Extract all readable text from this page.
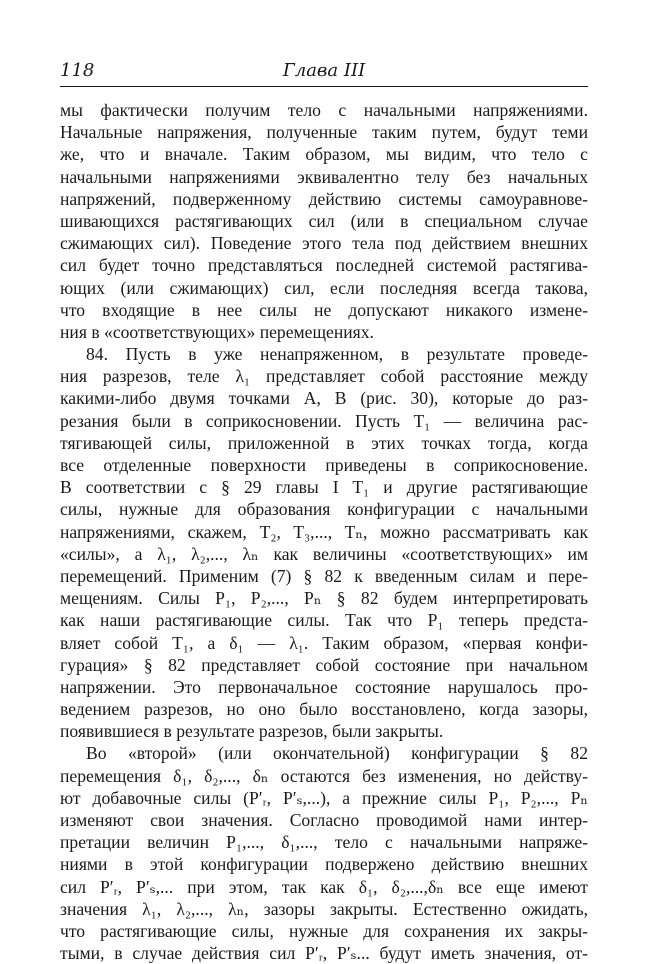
118	Глава III
мы фактически получим тело с начальными напряжениями.
Начальные напряжения, полученные таким путем, будут теми
же, что и вначале. Таким образом, мы видим, что тело с
начальными напряжениями эквивалентно телу без начальных
напряжений, подверженному действию системы самоуравнове-
шивающихся растягивающих сил (или в специальном случае
сжимающих сил). Поведение этого тела под действием внешних
сил будет точно представляться последней системой растягива-
ющих (или сжимающих) сил, если последняя всегда такова,
что входящие в нее силы не допускают никакого измене-
ния в «соответствующих» перемещениях.
84. Пусть в уже ненапряженном, в результате проведе-
ния разрезов, теле λ₁ представляет собой расстояние между
какими-либо двумя точками A, B (рис. 30), которые до раз-
резания были в соприкосновении. Пусть T₁ — величина рас-
тягивающей силы, приложенной в этих точках тогда, когда
все отделенные поверхности приведены в соприкосновение.
В соответствии с § 29 главы I T₁ и другие растягивающие
силы, нужные для образования конфигурации с начальными
напряжениями, скажем, T₂, T₃,..., Tₙ, можно рассматривать как
«силы», а λ₁, λ₂,..., λₙ как величины «соответствующих» им
перемещений. Применим (7) § 82 к введенным силам и пере-
мещениям. Силы P₁, P₂,..., Pₙ § 82 будем интерпретировать
как наши растягивающие силы. Так что P₁ теперь предста-
вляет собой T₁, а δ₁ — λ₁. Таким образом, «первая конфи-
гурация» § 82 представляет собой состояние при начальном
напряжении. Это первоначальное состояние нарушалось про-
ведением разрезов, но оно было восстановлено, когда зазоры,
появившиеся в результате разрезов, были закрыты.
Во «второй» (или окончательной) конфигурации § 82
перемещения δ₁, δ₂,..., δₙ остаются без изменения, но действу-
ют добавочные силы (P′ᵣ, P′ₛ,...), а прежние силы P₁, P₂,..., Pₙ
изменяют свои значения. Согласно проводимой нами интер-
претации величин P₁,..., δ₁,..., тело с начальными напряже-
ниями в этой конфигурации подвержено действию внешних
сил P′ᵣ, P′ₛ,... при этом, так как δ₁, δ₂,...,δₙ все еще имеют
значения λ₁, λ₂,..., λₙ, зазоры закрыты. Естественно ожидать,
что растягивающие силы, нужные для сохранения их закры-
тыми, в случае действия сил P′ᵣ, P′ₛ... будут иметь значения, от-
